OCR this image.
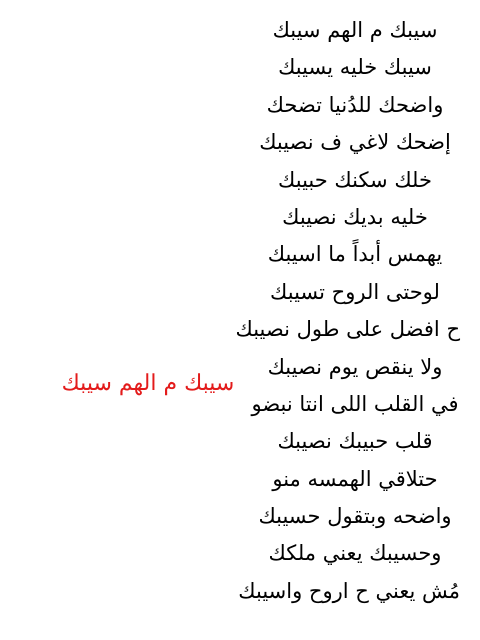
سيبك م الهم سيبك
سيبك خليه يسيبك
واضحك للدُنيا تضحك
إضحك لاغي ف نصيبك
خلك سكنك حبيبك
خليه بديك نصيبك
يهمس أبداً ما اسيبك
لوحتى الروح تسيبك
ح افضل على طول نصيبك
ولا ينقص يوم نصيبك
في القلب اللى انتا نبضو
قلب حبيبك نصيبك
حتلاقي الهمسه منو
واضحه وبتقول حسيبك
وحسيبك يعني ملكك
مُش يعني ح اروح واسيبك
سيبك م الهم سيبك
